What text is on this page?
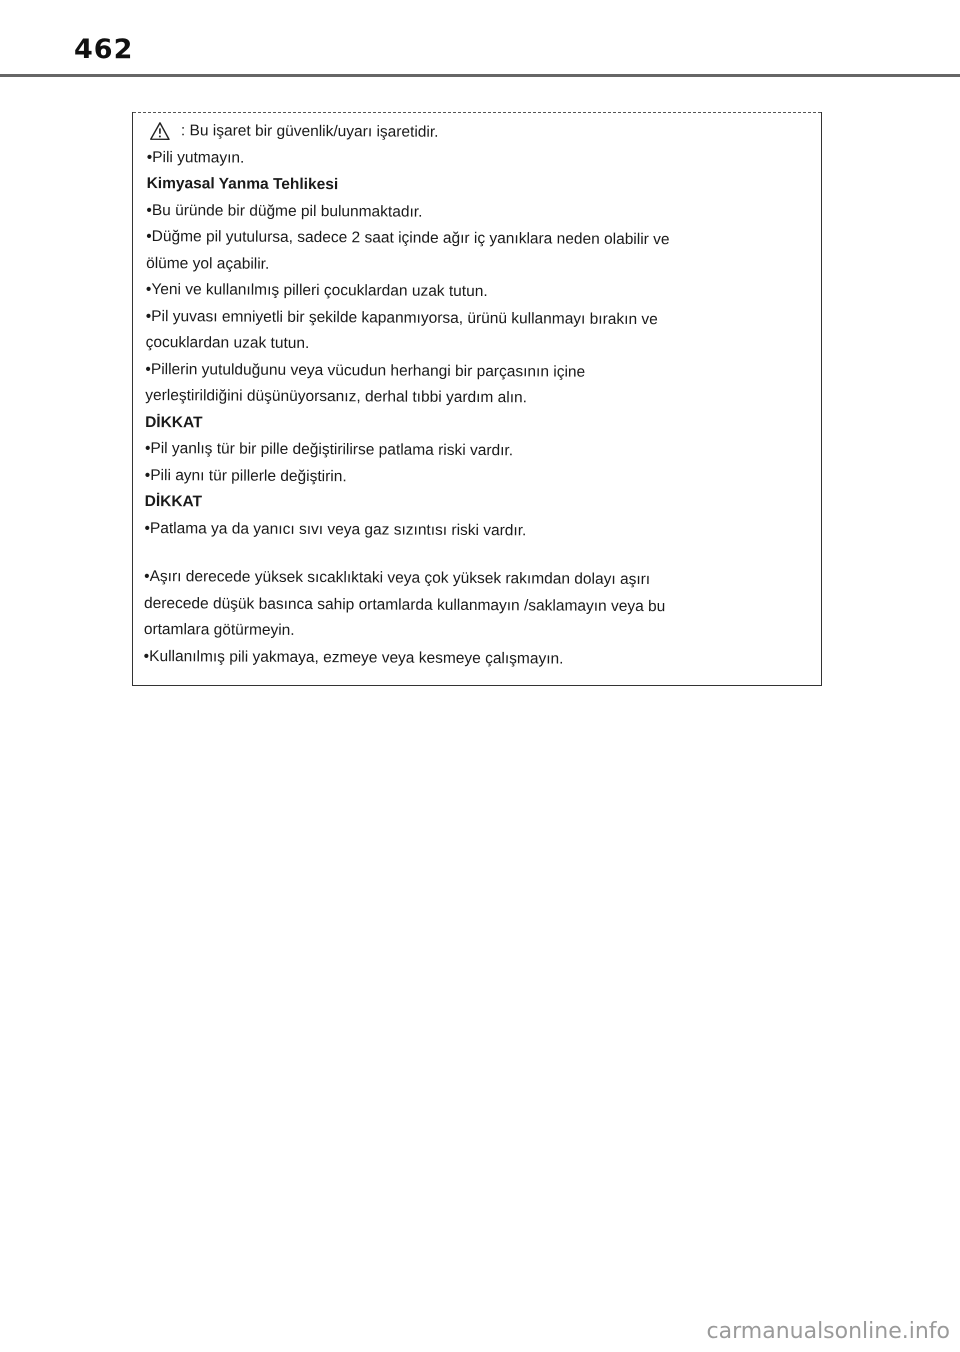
462
: Bu işaret bir güvenlik/uyarı işaretidir.
•Pili yutmayın.
Kimyasal Yanma Tehlikesi
•Bu üründe bir düğme pil bulunmaktadır.
•Düğme pil yutulursa, sadece 2 saat içinde ağır iç yanıklara neden olabilir ve
ölüme yol açabilir.
•Yeni ve kullanılmış pilleri çocuklardan uzak tutun.
•Pil yuvası emniyetli bir şekilde kapanmıyorsa, ürünü kullanmayı bırakın ve
çocuklardan uzak tutun.
•Pillerin yutulduğunu veya vücudun herhangi bir parçasının içine
yerleştirildiğini düşünüyorsanız, derhal tıbbi yardım alın.
DİKKAT
•Pil yanlış tür bir pille değiştirilirse patlama riski vardır.
•Pili aynı tür pillerle değiştirin.
DİKKAT
•Patlama ya da yanıcı sıvı veya gaz sızıntısı riski vardır.
•Aşırı derecede yüksek sıcaklıktaki veya çok yüksek rakımdan dolayı aşırı
derecede düşük basınca sahip ortamlarda kullanmayın /saklamayın veya bu
ortamlara götürmeyin.
•Kullanılmış pili yakmaya, ezmeye veya kesmeye çalışmayın.
carmanualsonline.info
